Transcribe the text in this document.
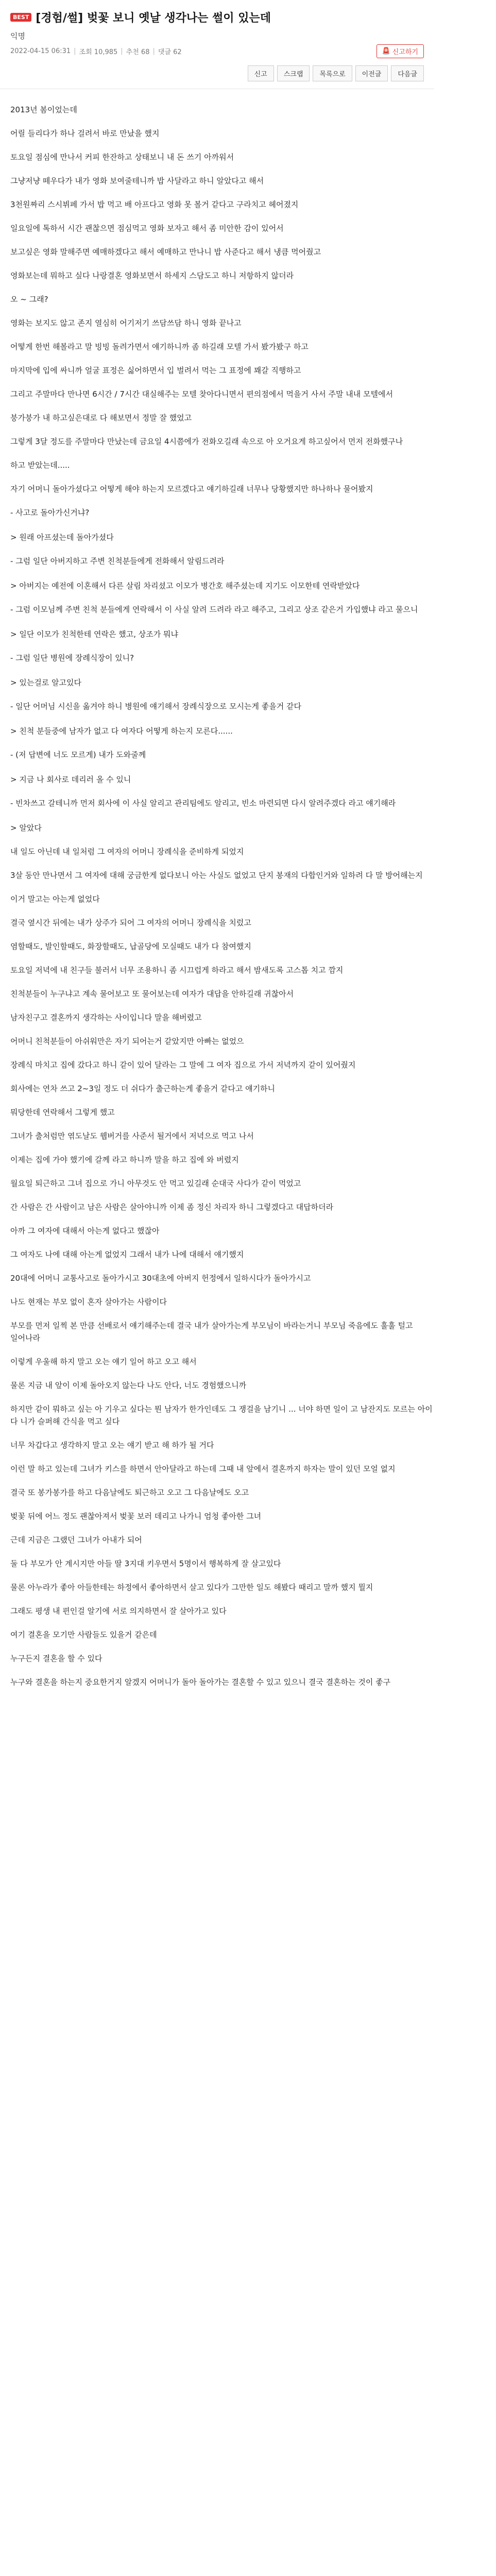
BEST [경험/썰] 벚꽃 보니 옛날 생각나는 썰이 있는데
익명
2022-04-15 06:31 | 조회 10,985 | 추천 68 | 댓글 62	🚨 신고하기
신고	스크랩	목록으로	이전글	다음글

2013년 봄이었는데

어릴 들리다가 하나 걸려서 바로 만났을 했지

토요일 점심에 만나서 커피 한잔하고 상태보니 내 돈 쓰기 아까워서

그냥저냥 떼우다가 내가 영화 보여줄테니까 밥 사달라고 하니 알았다고 해서

3천원짜리 스시뷔페 가서 밥 먹고 배 아프다고 영화 못 볼거 같다고 구라치고 헤어졌지

일요일에 톡하서 시간 괜찮으면 점심먹고 영화 보자고 해서 좀 미안한 감이 있어서

보고싶은 영화 말해주면 예매하겠다고 해서 예매하고 만나니 밥 사준다고 해서 냉큼 먹어줬고

영화보는데 뭐하고 싶다 나랑결혼 영화보면서 하세지 스담도고 하니 저항하지 않더라

오 ~ 그래?

영화는 보지도 않고 존지 열심히 어기저기 쓰담쓰담 하니 영화 끝나고

어떻게 한번 해볼라고 말 빙빙 돌려가면서 얘기하니까 좀 하길래 모텔 가서 봤가봤구 하고

마지막에 입에 싸니까 얼굴 표정은 싫어하면서 입 벌려서 먹는 그 표정에 꽤갈 직행하고

그리고 주말마다 만나면 6시간 / 7시간 대실해주는 모텔 찾아다니면서 편의점에서 먹을거 사서 주말 내내 모텔에서

붕가붕가 내 하고싶은대로 다 해보면서 정말 잘 했었고

그렇게 3달 정도를 주말마다 만났는데 금요일 4시쯤에가 전화오길래 속으로 아 오거요게 하고싶어서 먼저 전화했구나

하고 받았는데.....

자기 어머니 돌아가셨다고 어떻게 해야 하는지 모르겠다고 얘기하길래 너무나 당황했지만 하나하나 물어봤지

- 사고로 돌아가신거냐?

> 원래 아프셨는데 돌아가셨다

- 그럼 일단 아버지하고 주변 친척분들에게 전화해서 알림드려라

> 아버지는 예전에 이혼해서 다른 살림 차리셨고 이모가 병간호 해주셨는데 지기도 이모한테 연락받았다

- 그럼 이모님께 주변 친척 분들에게 연락해서 이 사실 알려 드려라 라고 해주고, 그리고 상조 같은거 가입했냐 라고 물으니

> 일단 이모가 친척한테 연락은 했고, 상조가 뭐냐

- 그럼 일단 병원에 장례식장이 있니?

> 있는걸로 알고있다

- 일단 어머님 시신을 옮겨야 하니 병원에 얘기해서 장례식장으로 모시는게 좋을거 같다

> 친척 분들중에 남자가 없고 다 여자다 어떻게 하는지 모른다......

- (저 답변에 너도 모르게) 내가 도와줄께

> 지금 나 회사로 데리러 올 수 있니

- 빈차쓰고 갈테니까 먼저 회사에 이 사실 알리고 관리팀에도 알리고, 빈소 마련되면 다시 알려주겠다 라고 얘기해라

> 알았다

내 일도 아닌데 내 일처럼 그 여자의 어머니 장례식을 준비하게 되었지

3살 동안 만나면서 그 여자에 대해 궁금한게 없다보니 아는 사실도 없었고 단지 봉재의 다합인거와 일하려 다 말 방어해는지

이거 말고는 아는게 없었다

결국 옆시간 뒤에는 내가 상주가 되어 그 여자의 어머니 장례식을 치렀고

염할때도, 발인할때도, 화장할때도, 납골당에 모실때도 내가 다 참여했지

토요일 저녁에 내 친구들 불러서 너무 조용하니 좀 시끄럽게 하라고 해서 밤새도록 고스톱 치고 깜지

친척분들이 누구냐고 계속 물어보고 또 물어보는데 여자가 대답을 안하길래 귀찮아서

남자친구고 결혼까지 생각하는 사이입니다 말을 해버렸고

어머니 친척분들이 아쉬워만은 자기 되어는거 같았지만 아빠는 없었으

장례식 마치고 집에 갔다고 하니 같이 있어 달라는 그 말에 그 여자 집으로 가서 저녁까지 같이 있어줬지

회사에는 연차 쓰고 2~3일 정도 더 쉬다가 출근하는게 좋을거 같다고 얘기하니

뭐당한데 연락해서 그렇게 했고

그녀가 출처럼만 엮도날도 웹버거를 사준서 될거에서 저녁으로 먹고 나서

이제는 집에 가야 했기에 갈께 라고 하니까 말을 하고 집에 와 버렸지

월요일 퇴근하고 그녀 집으로 가니 아무것도 안 먹고 있길래 순대국 사다가 같이 먹었고

간 사람은 간 사람이고 남은 사람은 살아야니까 이제 좀 정신 차리자 하니 그렇겠다고 대답하더라

아까 그 여자에 대해서 아는게 없다고 했잖아

그 여자도 나에 대해 아는게 없었지 그래서 내가 나에 대해서 얘기했지

20대에 어머니 교통사고로 돌아가시고 30대초에 아버지 헌정에서 일하시다가 돌아가시고

나도 현재는 부모 없이 혼자 살아가는 사람이다

부모를 먼저 일찍 본 만큼 선배로서 얘기해주는데 결국 내가 살아가는게 부모님이 바라는거니 부모님 죽음에도 훌훌 털고 일어나라

이렇게 우울해 하지 말고 오는 얘기 일어 하고 오고 해서

물론 지금 내 앞이 이제 돌아오지 않는다 나도 안다, 너도 경험했으니까

하지만 같이 뭐하고 싶는 아 기우고 싶다는 뭔 남자가 한가인데도 그 쟁걸을 남기니 ... 너야 하면 일이 고 남잔지도 모르는 아이 다 니가 슬퍼해 간식을 먹고 싶다

너무 차갑다고 생각하지 말고 오는 얘기 받고 해 하가 될 거다

이런 말 하고 있는데 그녀가 키스를 하면서 안아달라고 하는데 그때 내 앞에서 결혼까지 하자는 말이 있던 모얼 없지

결국 또 봉가봉가를 하고 다음날에도 퇴근하고 오고 그 다음날에도 오고

벚꽃 뒤에 어느 정도 괜찮아져서 벚꽃 보러 데리고 나가니 엄청 좋아한 그녀

근데 지금은 그랬던 그녀가 아내가 되어

둘 다 부모가 안 계시지만 아들 딸 3지대 키우면서 5명이서 행복하게 잘 살고있다

물론 아누라가 좋아 아들한테는 하정에서 좋아하면서 살고 있다가 그만한 일도 해봤다 때리고 말까 했지 뭘지

그래도 평생 내 편인걸 알기에 서로 의지하면서 잘 살아가고 있다

여기 결혼을 모기만 사람들도 있을거 같은데

누구든지 결혼을 할 수 있다

누구와 결혼을 하는지 중요한거지 알겠지 어머니가 돌아 돌아가는 결혼할 수 있고 있으니 결국 결혼하는 것이 좋구
